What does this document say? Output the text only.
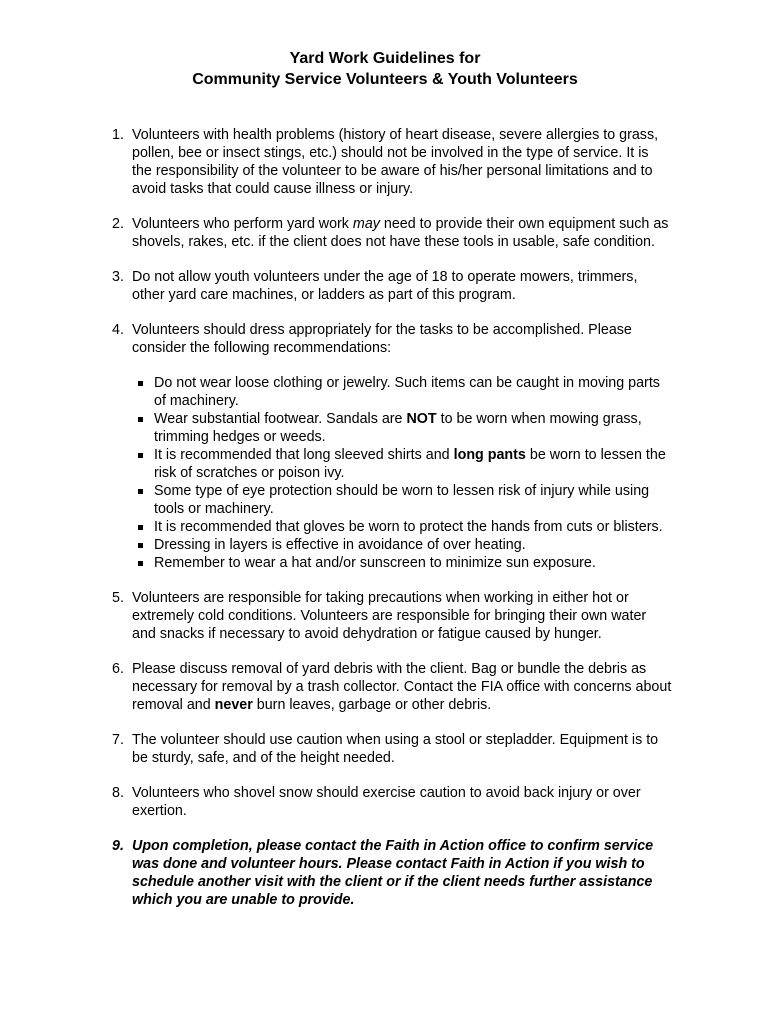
Yard Work Guidelines for
Community Service Volunteers & Youth Volunteers
1. Volunteers with health problems (history of heart disease, severe allergies to grass, pollen, bee or insect stings, etc.) should not be involved in the type of service. It is the responsibility of the volunteer to be aware of his/her personal limitations and to avoid tasks that could cause illness or injury.
2. Volunteers who perform yard work may need to provide their own equipment such as shovels, rakes, etc. if the client does not have these tools in usable, safe condition.
3. Do not allow youth volunteers under the age of 18 to operate mowers, trimmers, other yard care machines, or ladders as part of this program.
4. Volunteers should dress appropriately for the tasks to be accomplished. Please consider the following recommendations:
Do not wear loose clothing or jewelry. Such items can be caught in moving parts of machinery.
Wear substantial footwear. Sandals are NOT to be worn when mowing grass, trimming hedges or weeds.
It is recommended that long sleeved shirts and long pants be worn to lessen the risk of scratches or poison ivy.
Some type of eye protection should be worn to lessen risk of injury while using tools or machinery.
It is recommended that gloves be worn to protect the hands from cuts or blisters.
Dressing in layers is effective in avoidance of over heating.
Remember to wear a hat and/or sunscreen to minimize sun exposure.
5. Volunteers are responsible for taking precautions when working in either hot or extremely cold conditions. Volunteers are responsible for bringing their own water and snacks if necessary to avoid dehydration or fatigue caused by hunger.
6. Please discuss removal of yard debris with the client. Bag or bundle the debris as necessary for removal by a trash collector. Contact the FIA office with concerns about removal and never burn leaves, garbage or other debris.
7. The volunteer should use caution when using a stool or stepladder. Equipment is to be sturdy, safe, and of the height needed.
8. Volunteers who shovel snow should exercise caution to avoid back injury or over exertion.
9. Upon completion, please contact the Faith in Action office to confirm service was done and volunteer hours. Please contact Faith in Action if you wish to schedule another visit with the client or if the client needs further assistance which you are unable to provide.
